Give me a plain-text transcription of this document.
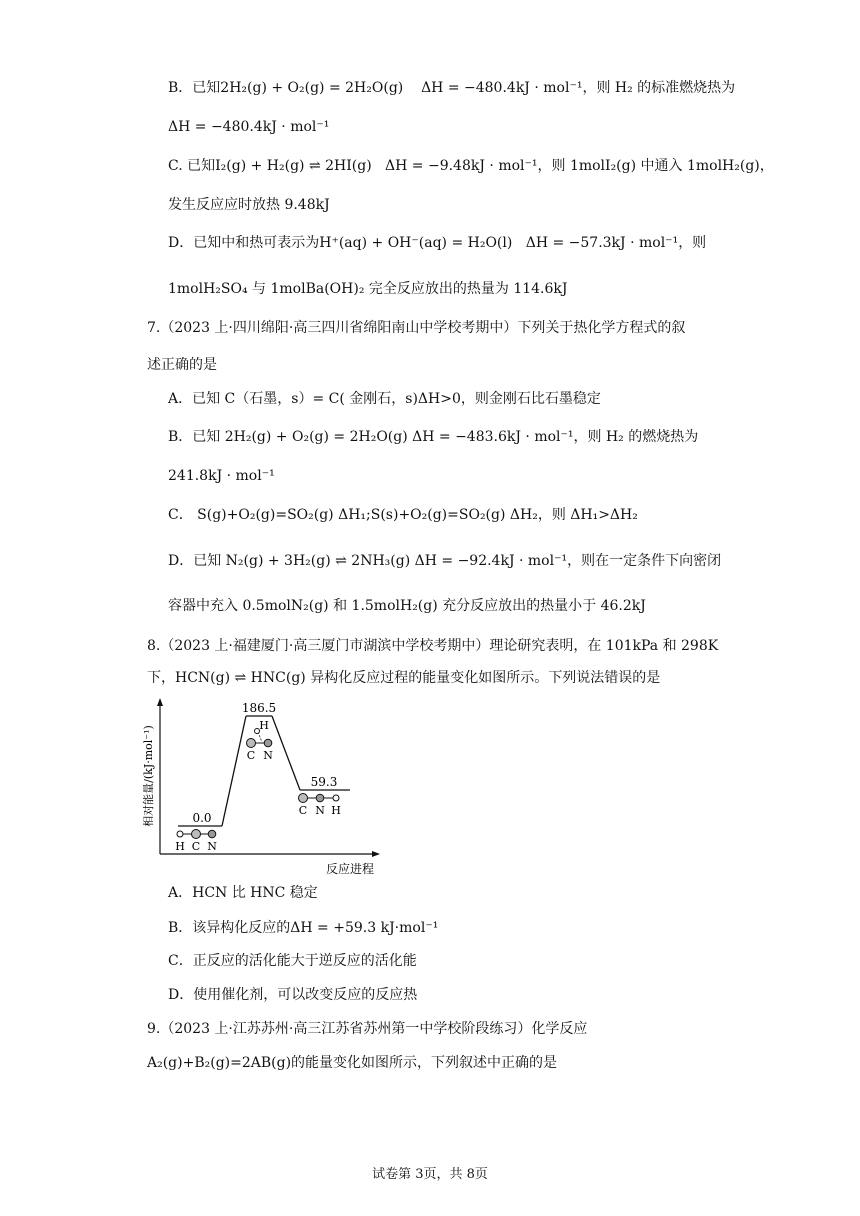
B．已知2H₂(g) + O₂(g) = 2H₂O(g) ΔH = −480.4kJ · mol⁻¹，则 H₂ 的标准燃烧热为
ΔH = −480.4kJ · mol⁻¹
C. 已知I₂(g) + H₂(g) ⇌ 2HI(g) ΔH = −9.48kJ · mol⁻¹，则 1molI₂(g) 中通入 1molH₂(g)，
发生反应应时放热 9.48kJ
D．已知中和热可表示为H⁺(aq) + OH⁻(aq) = H₂O(l) ΔH = −57.3kJ · mol⁻¹，则
1molH₂SO₄ 与 1molBa(OH)₂ 完全反应放出的热量为 114.6kJ
7.（2023 上·四川绵阳·高三四川省绵阳南山中学校考期中）下列关于热化学方程式的叙
述正确的是
A．已知 C（石墨，s）= C( 金刚石，s)ΔH>0，则金刚石比石墨稳定
B．已知 2H₂(g) + O₂(g) = 2H₂O(g) ΔH = −483.6kJ · mol⁻¹，则 H₂ 的燃烧热为
241.8kJ · mol⁻¹
C． S(g)+O₂(g)=SO₂(g) ΔH₁;S(s)+O₂(g)=SO₂(g) ΔH₂，则 ΔH₁>ΔH₂
D．已知 N₂(g) + 3H₂(g) ⇌ 2NH₃(g) ΔH = −92.4kJ · mol⁻¹，则在一定条件下向密闭
容器中充入 0.5molN₂(g) 和 1.5molH₂(g) 充分反应放出的热量小于 46.2kJ
8.（2023 上·福建厦门·高三厦门市湖滨中学校考期中）理论研究表明，在 101kPa 和 298K
下，HCN(g) ⇌ HNC(g) 异构化反应过程的能量变化如图所示。下列说法错误的是
相对能量/(kJ·mol⁻¹)
反应进程
0.0
186.5
59.3
H C N
H
C N
C N H
A．HCN 比 HNC 稳定
B．该异构化反应的ΔH = +59.3 kJ·mol⁻¹
C．正反应的活化能大于逆反应的活化能
D．使用催化剂，可以改变反应的反应热
9.（2023 上·江苏苏州·高三江苏省苏州第一中学校阶段练习）化学反应
A₂(g)+B₂(g)=2AB(g)的能量变化如图所示，下列叙述中正确的是
试卷第 3页，共 8页
